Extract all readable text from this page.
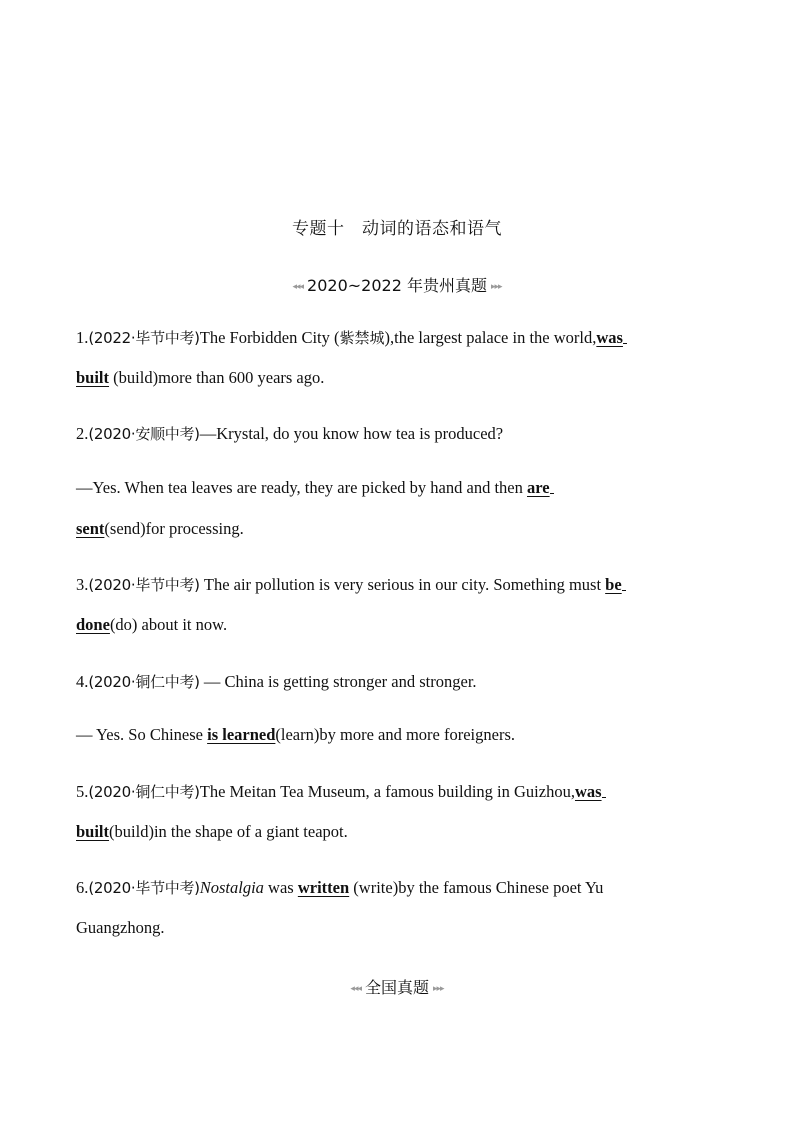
专题十　动词的语态和语气
◂◂◂ 2020~2022 年贵州真题 ▸▸▸
1.(2022·毕节中考)The Forbidden City (紫禁城),the largest palace in the world,was
built (build)more than 600 years ago.
2.(2020·安顺中考)—Krystal, do you know how tea is produced?
—Yes. When tea leaves are ready, they are picked by hand and then are
sent(send)for processing.
3.(2020·毕节中考) The air pollution is very serious in our city. Something must be
done(do) about it now.
4.(2020·铜仁中考) — China is getting stronger and stronger.
— Yes. So Chinese is learned(learn)by more and more foreigners.
5.(2020·铜仁中考)The Meitan Tea Museum, a famous building in Guizhou,was
built(build)in the shape of a giant teapot.
6.(2020·毕节中考)Nostalgia was written (write)by the famous Chinese poet Yu
Guangzhong.
◂◂◂ 全国真题 ▸▸▸
